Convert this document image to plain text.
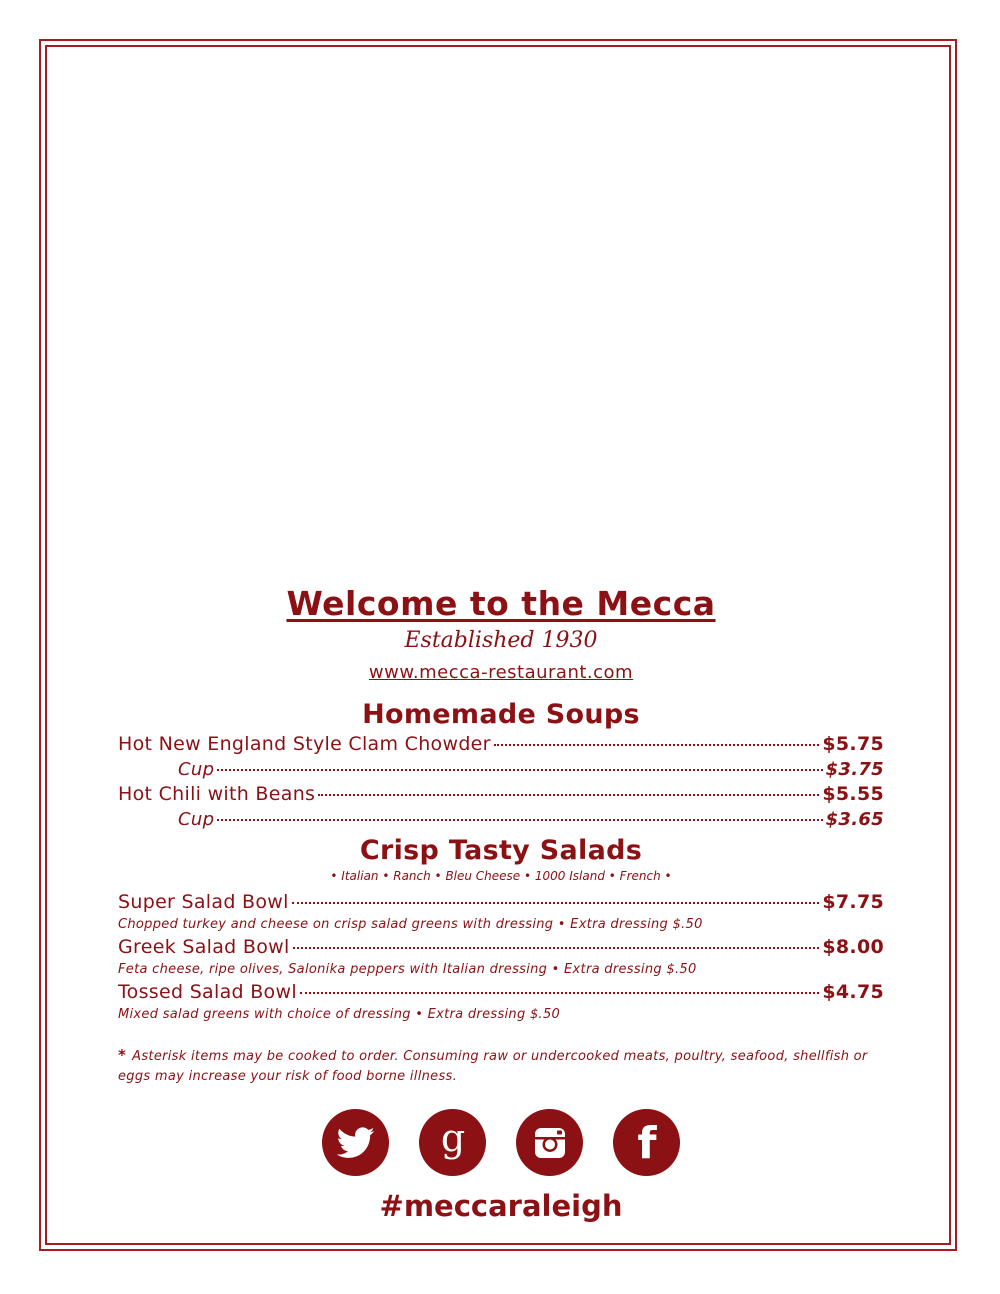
Welcome to the Mecca

Established 1930

www.mecca-restaurant.com

Homemade Soups
Hot New England Style Clam Chowder	$5.75
Cup	$3.75
Hot Chili with Beans	$5.55
Cup	$3.65
Crisp Tasty Salads

• Italian • Ranch • Bleu Cheese • 1000 Island • French •

Super Salad Bowl	$7.75

Chopped turkey and cheese on crisp salad greens with dressing • Extra dressing $.50

Greek Salad Bowl	$8.00

Feta cheese, ripe olives, Salonika peppers with Italian dressing • Extra dressing $.50

Tossed Salad Bowl	$4.75

Mixed salad greens with choice of dressing • Extra dressing $.50

* Asterisk items may be cooked to order. Consuming raw or undercooked meats, poultry, seafood, shellfish or eggs may increase your risk of food borne illness.
g	f
#meccaraleigh
